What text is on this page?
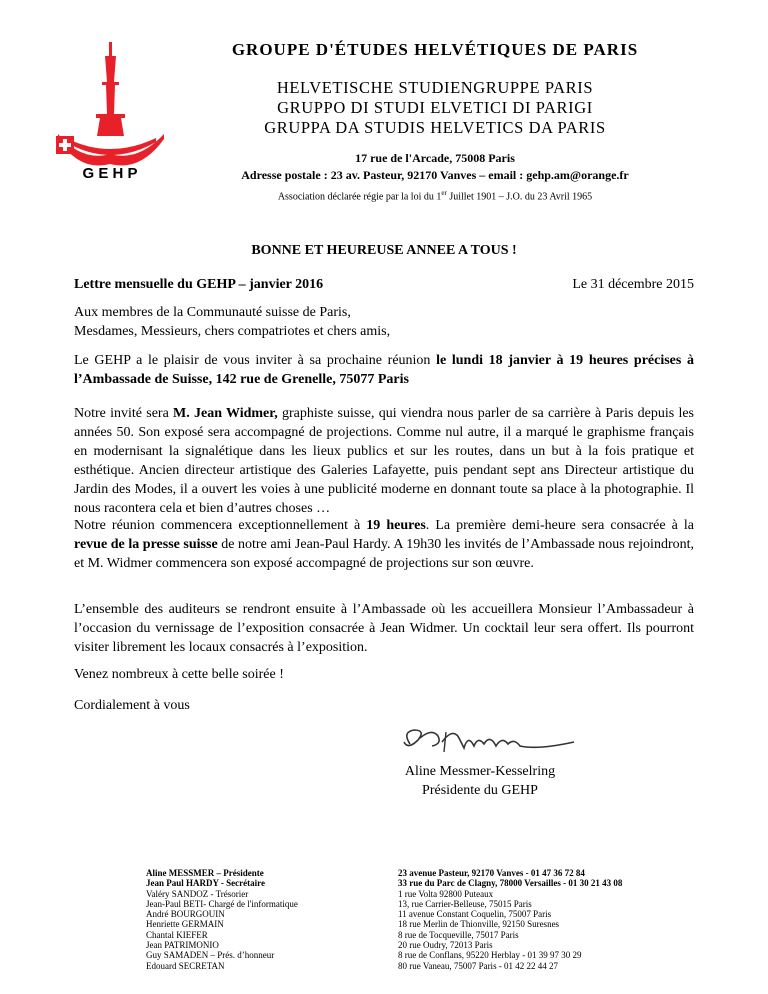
G E H P
GROUPE D'ÉTUDES HELVÉTIQUES DE PARIS
HELVETISCHE STUDIENGRUPPE PARIS
GRUPPO DI STUDI ELVETICI DI PARIGI
GRUPPA DA STUDIS HELVETICS DA PARIS
17 rue de l'Arcade, 75008 Paris
Adresse postale : 23 av. Pasteur, 92170 Vanves – email : gehp.am@orange.fr
Association déclarée régie par la loi du 1er Juillet 1901 – J.O. du 23 Avril 1965
BONNE ET HEUREUSE ANNEE A TOUS !
Lettre mensuelle du GEHP – janvier 2016	Le 31 décembre 2015

Aux membres de la Communauté suisse de Paris,

Mesdames, Messieurs, chers compatriotes et chers amis,

Le GEHP a le plaisir de vous inviter à sa prochaine réunion le lundi 18 janvier à 19 heures précises à l’Ambassade de Suisse, 142 rue de Grenelle, 75077 Paris

Notre invité sera M. Jean Widmer, graphiste suisse, qui viendra nous parler de sa carrière à Paris depuis les années 50. Son exposé sera accompagné de projections. Comme nul autre, il a marqué le graphisme français en modernisant la signalétique dans les lieux publics et sur les routes, dans un but à la fois pratique et esthétique. Ancien directeur artistique des Galeries Lafayette, puis pendant sept ans Directeur artistique du Jardin des Modes, il a ouvert les voies à une publicité moderne en donnant toute sa place à la photographie. Il nous racontera cela et bien d’autres choses …

Notre réunion commencera exceptionnellement à 19 heures. La première demi-heure sera consacrée à la revue de la presse suisse de notre ami Jean-Paul Hardy. A 19h30 les invités de l’Ambassade nous rejoindront, et M. Widmer commencera son exposé accompagné de projections sur son œuvre.

L’ensemble des auditeurs se rendront ensuite à l’Ambassade où les accueillera Monsieur l’Ambassadeur à l’occasion du vernissage de l’exposition consacrée à Jean Widmer. Un cocktail leur sera offert. Ils pourront visiter librement les locaux consacrés à l’exposition.

Venez nombreux à cette belle soirée !
Cordialement à vous
Aline Messmer-Kesselring
Présidente du GEHP
Aline MESSMER – Présidente
Jean Paul HARDY - Secrétaire
Valéry SANDOZ - Trésorier
Jean-Paul BETI- Chargé de l'informatique
André BOURGOUIN
Henriette GERMAIN
Chantal KIEFER
Jean PATRIMONIO
Guy SAMADEN – Prés. d’honneur
Edouard SECRETAN
23 avenue Pasteur, 92170 Vanves - 01 47 36 72 84
33 rue du Parc de Clagny, 78000 Versailles - 01 30 21 43 08
1 rue Volta 92800 Puteaux
13, rue Carrier-Belleuse, 75015 Paris
11 avenue Constant Coquelin, 75007 Paris
18 rue Merlin de Thionville, 92150 Suresnes
8 rue de Tocqueville, 75017 Paris
20 rue Oudry, 72013 Paris
8 rue de Conflans, 95220 Herblay - 01 39 97 30 29
80 rue Vaneau, 75007 Paris - 01 42 22 44 27
